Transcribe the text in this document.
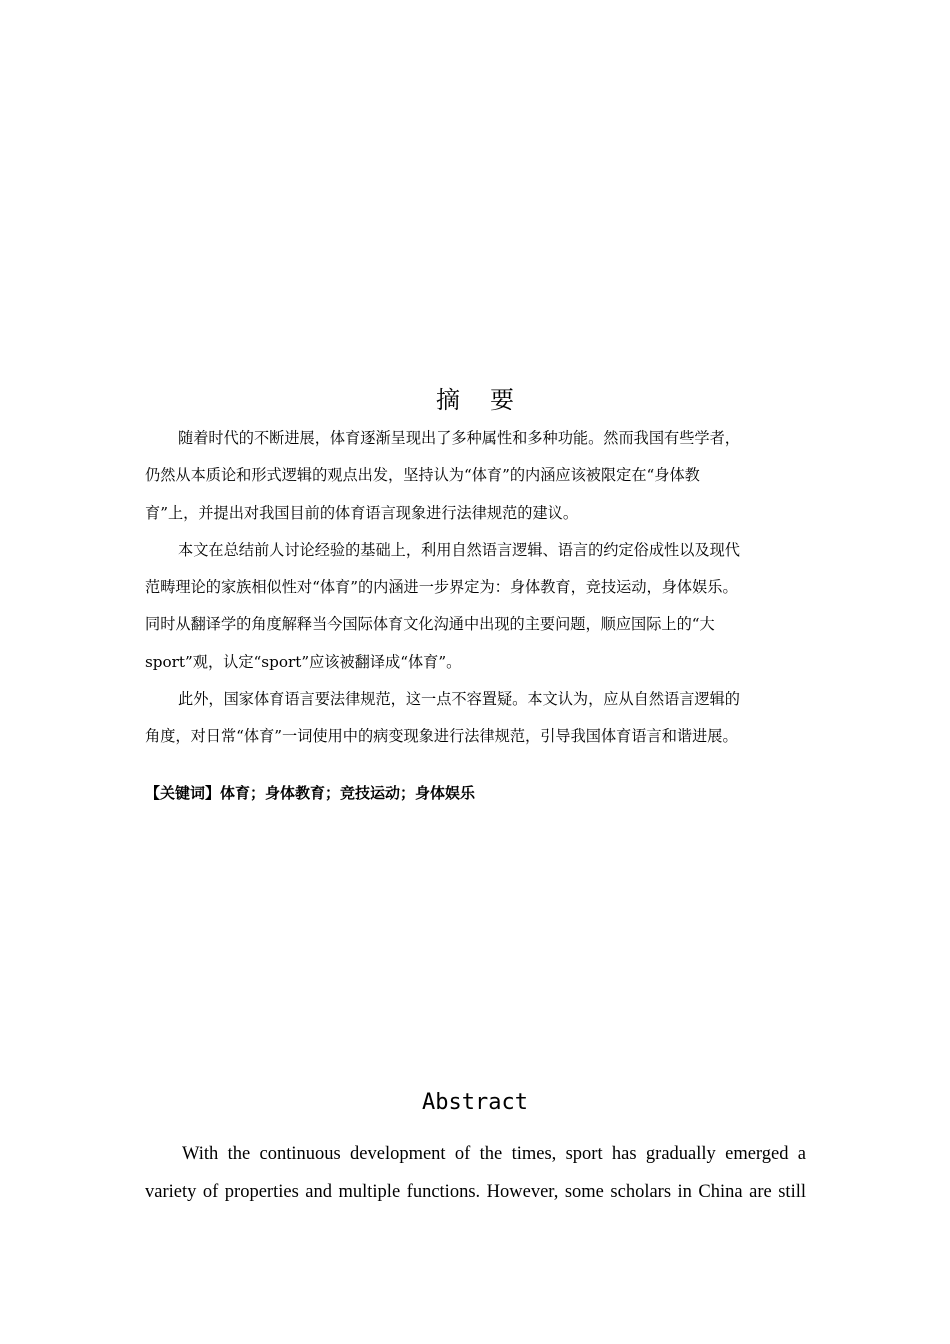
摘要
随着时代的不断进展，体育逐渐呈现出了多种属性和多种功能。然而我国有些学者，
仍然从本质论和形式逻辑的观点出发，坚持认为“体育”的内涵应该被限定在“身体教
育”上，并提出对我国目前的体育语言现象进行法律规范的建议。
本文在总结前人讨论经验的基础上，利用自然语言逻辑、语言的约定俗成性以及现代
范畴理论的家族相似性对“体育”的内涵进一步界定为：身体教育，竞技运动，身体娱乐。
同时从翻译学的角度解释当今国际体育文化沟通中出现的主要问题，顺应国际上的“大
sport”观，认定“sport”应该被翻译成“体育”。
此外，国家体育语言要法律规范，这一点不容置疑。本文认为，应从自然语言逻辑的
角度，对日常“体育”一词使用中的病变现象进行法律规范，引导我国体育语言和谐进展。
【关键词】体育；身体教育；竞技运动；身体娱乐
Abstract
With the continuous development of the times, sport has gradually emerged a
variety of properties and multiple functions. However, some scholars in China are still
